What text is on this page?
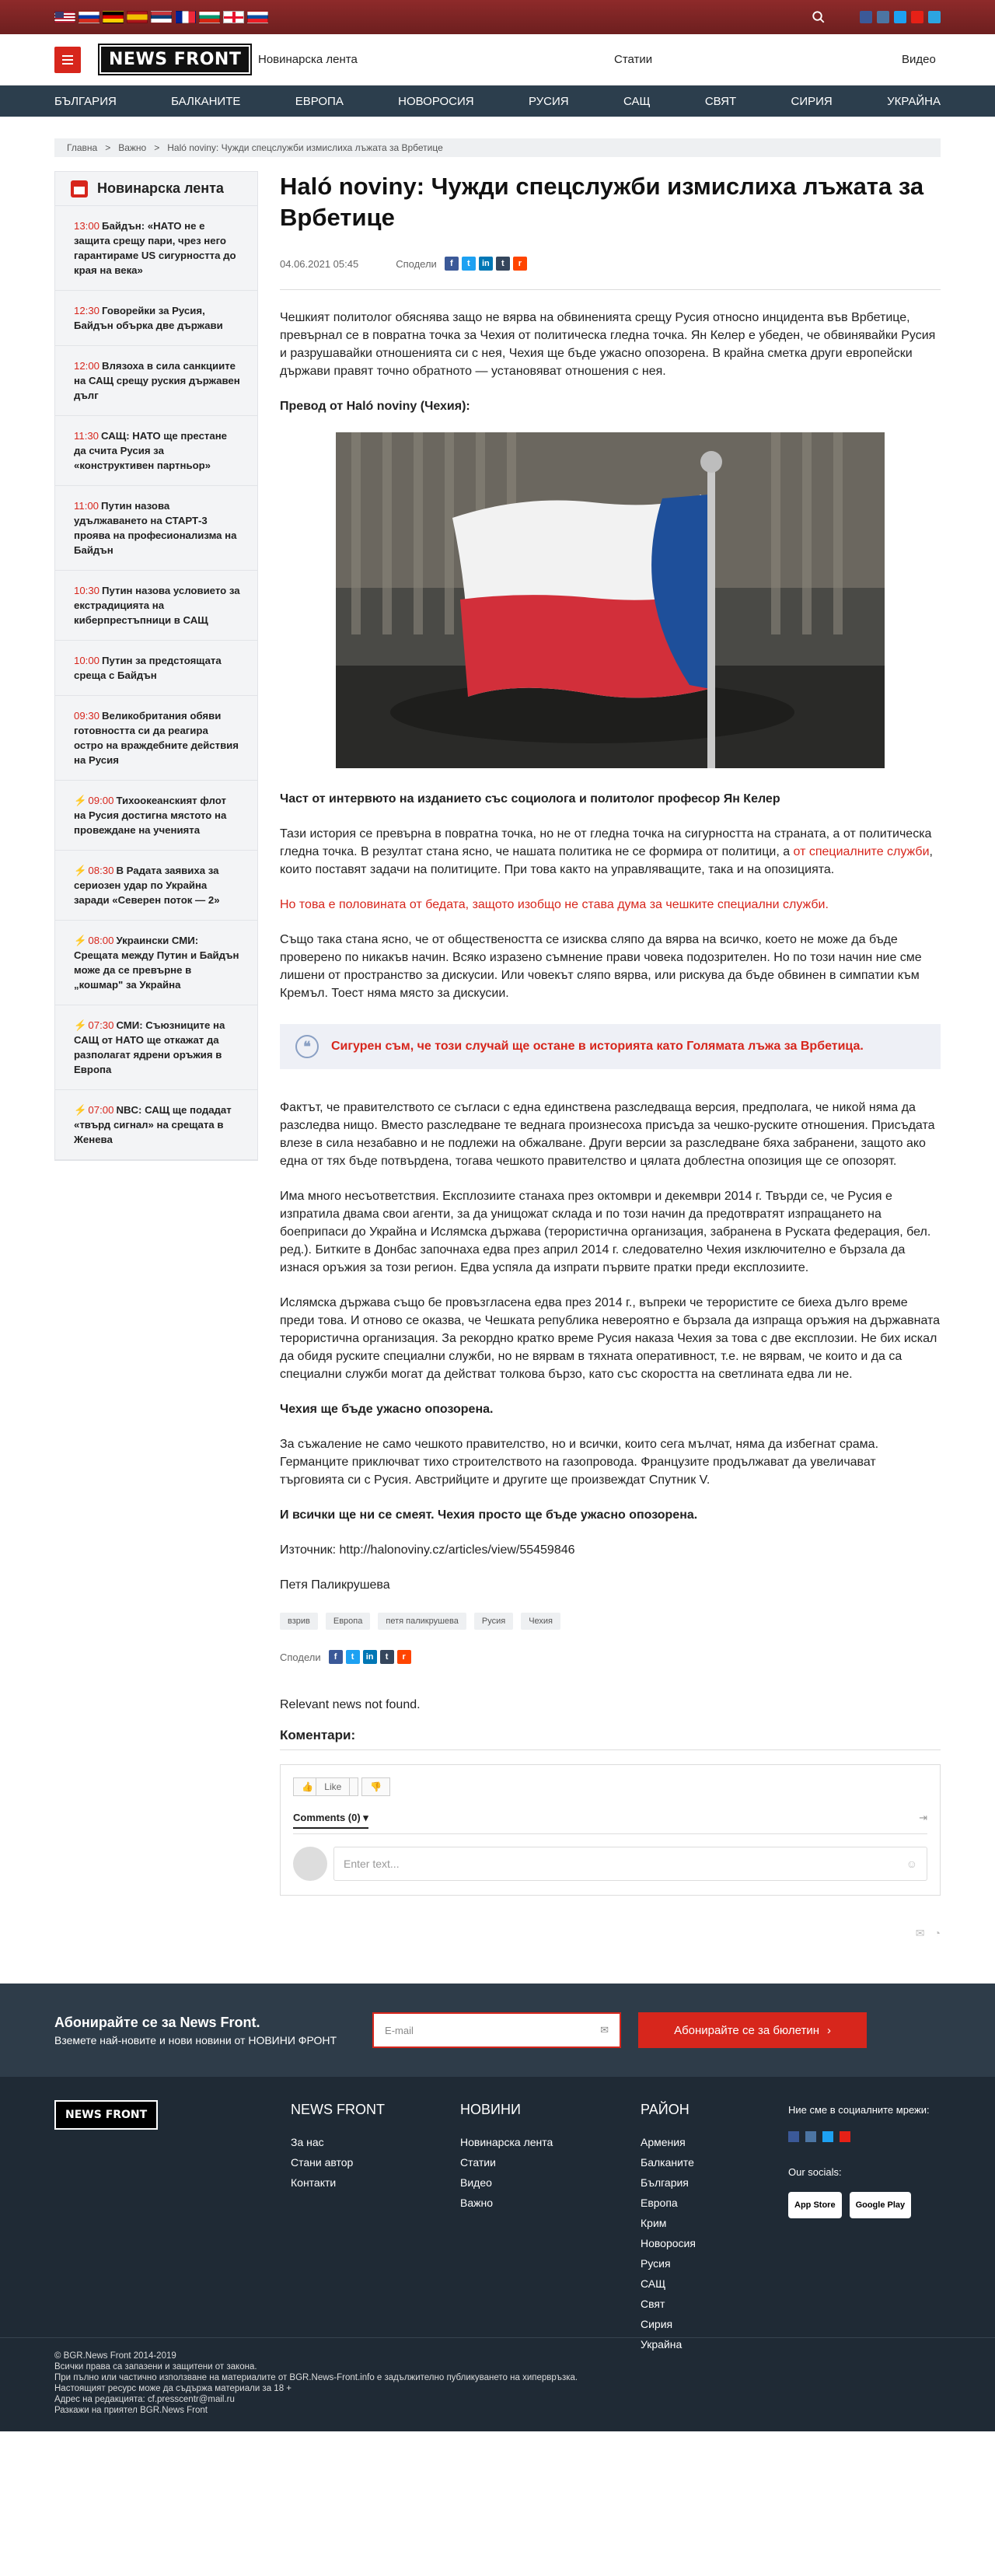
NEWS FRONT	Новинарска лента	Статии	Видео
БЪЛГАРИЯ	БАЛКАНИТЕ	ЕВРОПА	НОВОРОСИЯ	РУСИЯ	САЩ	СВЯТ	СИРИЯ	УКРАЙНА
Главна > Важно > Haló noviny: Чужди спецслужби измислиха лъжата за Врбетице
Новинарска лента
13:00 Байдън: «НАТО не е защита срещу пари, чрез него гарантираме US сигурността до края на века»
12:30 Говорейки за Русия, Байдън объркa две държави
12:00 Влязоха в сила санкциите на САЩ срещу руския държавен дълг
11:30 САЩ: НАТО ще престане да счита Русия за «конструктивен партньор»
11:00 Путин назова удължаването на СТАРТ-3 проява на професионализма на Байдън
10:30 Путин назова условието за екстрадицията на киберпрестъпници в САЩ
10:00 Путин за предстоящата среща с Байдън
09:30 Великобритания обяви готовността си да реагира остро на враждебните действия на Русия
⚡ 09:00 Тихоокеанският флот на Русия достигна мястото на провеждане на ученията
⚡ 08:30 В Радата заявиха за сериозен удар по Украйна заради «Северен поток — 2»
⚡ 08:00 Украински СМИ: Срещата между Путин и Байдън може да се превърне в „кошмар" за Украйна
⚡ 07:30 СМИ: Съюзниците на САЩ от НАТО ще откажат да разполагат ядрени оръжия в Европа
⚡ 07:00 NBC: САЩ ще подадат «твърд сигнал» на срещата в Женева
Haló noviny: Чужди спецслужби измислиха лъжата за Врбетице
04.06.2021 05:45	Сподели	f	t	in	t	r

Чешкият политолог обяснява защо не вярва на обвиненията срещу Русия относно инцидента във Врбетице, превърнал се в повратна точка за Чехия от политическа гледна точка. Ян Келер е убеден, че обвинявайки Русия и разрушавайки отношенията си с нея, Чехия ще бъде ужасно опозорена. В крайна сметка други европейски държави правят точно обратното — установяват отношения с нея.

Превод от Haló noviny (Чехия):

Част от интервюто на изданието със социолога и политолог професор Ян Келер

Тази история се превърна в повратна точка, но не от гледна точка на сигурността на страната, а от политическа гледна точка. В резултат стана ясно, че нашата политика не се формира от политици, а от специалните служби, които поставят задачи на политиците. При това както на управляващите, така и на опозицията.

Но това е половината от бедата, защото изобщо не става дума за чешките специални служби.

Също така стана ясно, че от обществеността се изисква сляпо да вярва на всичко, което не може да бъде проверено по никакъв начин. Всяко изразено съмнение прави човека подозрителен. Но по този начин ние сме лишени от пространство за дискусии. Или човекът сляпо вярва, или рискува да бъде обвинен в симпатии към Кремъл. Тоест няма място за дискусии.

❝	Сигурен съм, че този случай ще остане в историята като Голямата лъжа за Врбетица.

Фактът, че правителството се съгласи с една единствена разследваща версия, предполага, че никой няма да разследва нищо. Вместо разследване те веднага произнесоха присъда за чешко-руските отношения. Присъдата влезе в сила незабавно и не подлежи на обжалване. Други версии за разследване бяха забранени, защото ако една от тях бъде потвърдена, тогава чешкото правителство и цялата доблестна опозиция ще се опозорят.

Има много несъответствия. Експлозиите станаха през октомври и декември 2014 г. Твърди се, че Русия е изпратила двама свои агенти, за да унищожат склада и по този начин да предотвратят изпращането на боеприпаси до Украйна и Ислямска държава (терористична организация, забранена в Руската федерация, бел. ред.). Битките в Донбас започнаха едва през април 2014 г. следователно Чехия изключително е бързала да изнася оръжия за този регион. Едва успяла да изпрати първите пратки преди експлозиите.

Ислямска държава също бе провъзгласена едва през 2014 г., въпреки че терористите се биеха дълго време преди това. И отново се оказва, че Чешката република невероятно е бързала да изпраща оръжия на държавната терористична организация. За рекордно кратко време Русия наказа Чехия за това с две експлозии. Не бих искал да обидя руските специални служби, но не вярвам в тяхната оперативност, т.е. не вярвам, че които и да са специални служби могат да действат толкова бързо, като със скоростта на светлината едва ли не.

Чехия ще бъде ужасно опозорена.

За съжаление не само чешкото правителство, но и всички, които сега мълчат, няма да избегнат срама. Германците приключват тихо строителството на газопровода. Французите продължават да увеличават търговията си с Русия. Австрийците и другите ще произвеждат Спутник V.

И всички ще ни се смеят. Чехия просто ще бъде ужасно опозорена.

Източник: http://halonoviny.cz/articles/view/55459846

Петя Паликрушева

взрив	Европа	петя паликрушева	Русия	Чехия
Сподели	f	t	in	t	r

Relevant news not found.

Коментари:
👍 Like	👎
Comments (0) ▾	⇥
Enter text...	☺
✉ ◔
Абонирайте се за News Front.

Вземете най-новите и нови новини от НОВИНИ ФРОНТ

E-mail	✉	Абонирайте се за бюлетин ›
NEWS FRONT	NEWS FRONT
За нас
Стани автор
Контакти
НОВИНИ
Новинарска лента
Статии
Видео
Важно
РАЙОН
Армения
Балканите
България
Европа
Крим
Новоросия
Русия
САЩ
Свят
Сирия
Украйна
Ние сме в социалните мрежи:
Our socials:
App Store	Google Play
© BGR.News Front 2014-2019
Всички права са запазени и защитени от закона.
При пълно или частично използване на материалите от BGR.News-Front.info е задължително публикуването на хипервръзка.
Настоящият ресурс може да съдържа материали за 18 +
Адрес на редакцията: cf.presscentr@mail.ru
Разкажи на приятел BGR.News Front
